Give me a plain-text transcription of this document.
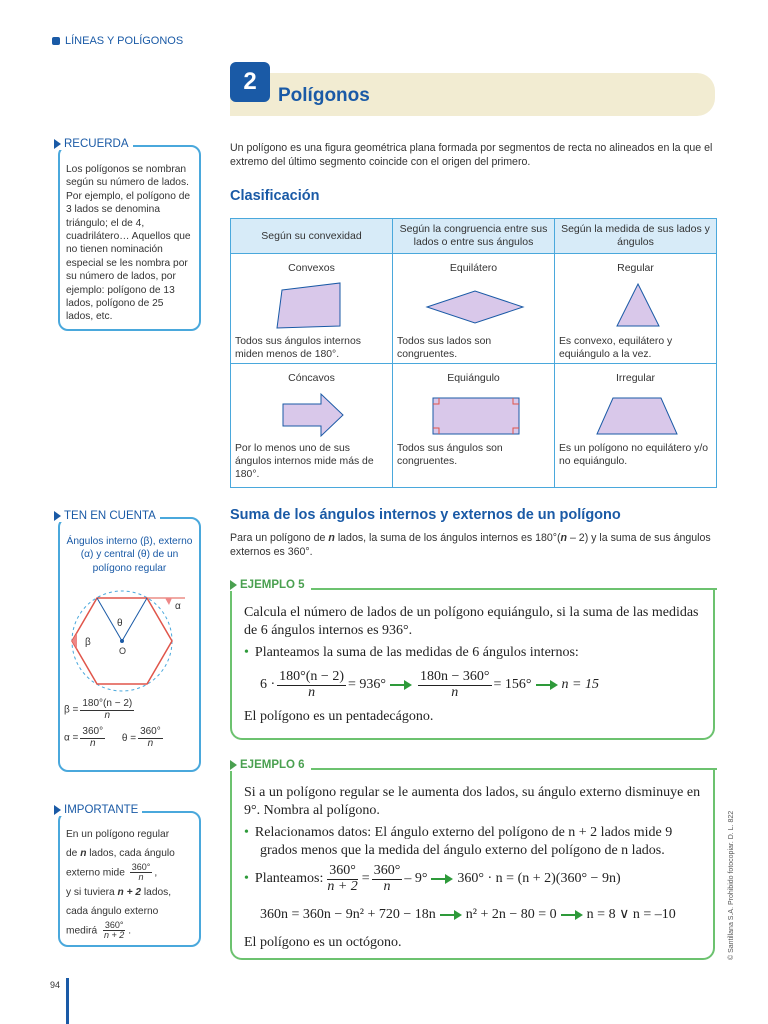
LÍNEAS Y POLÍGONOS
2
Polígonos
RECUERDA
Los polígonos se nombran según su número de lados. Por ejemplo, el polígono de 3 lados se denomina triángulo; el de 4, cuadrilátero… Aquellos que no tienen nominación especial se les nombra por su número de lados, por ejemplo: polígono de 13 lados, polígono de 25 lados, etc.
TEN EN CUENTA
Ángulos interno (β), externo (α) y central (θ) de un polígono regular
θ
α
β
O
$\beta = \frac{180^\circ(n - 2)}{n}$
$\alpha = \frac{360^\circ}{n}$ $\theta = \frac{360^\circ}{n}$
IMPORTANTE
En un polígono regular
de n lados, cada ángulo
externo mide $\frac{360^\circ}{n}$ ,
y si tuviera n + 2 lados,
cada ángulo externo
medirá $\frac{360^\circ}{n + 2}$ .
Un polígono es una figura geométrica plana formada por segmentos de recta no alineados en la que el extremo del último segmento coincide con el origen del primero.
Clasificación
Según su convexidad
Según la congruencia entre sus lados o entre sus ángulos
Según la medida de sus lados y ángulos
Convexos
Todos sus ángulos internos miden menos de 180°.
Equilátero
Todos sus lados son congruentes.
Regular
Es convexo, equilátero y equiángulo a la vez.
Cóncavos
Por lo menos uno de sus ángulos internos mide más de 180°.
Equiángulo
Todos sus ángulos son congruentes.
Irregular
Es un polígono no equilátero y/o no equiángulo.
Suma de los ángulos internos y externos de un polígono
Para un polígono de n lados, la suma de los ángulos internos es 180°(n – 2) y la suma de sus ángulos externos es 360°.
EJEMPLO 5
Calcula el número de lados de un polígono equiángulo, si la suma de las medidas de 6 ángulos internos es 936°.
• Planteamos la suma de las medidas de 6 ángulos internos:
$6 \cdot \frac{180^\circ(n - 2)}{n} = 936^\circ \frac{180n - 360^\circ}{n} = 156^\circ$ n = 15
El polígono es un pentadecágono.
EJEMPLO 6
Si a un polígono regular se le aumenta dos lados, su ángulo externo disminuye en 9°. Nombra al polígono.
• Relacionamos datos: El ángulo externo del polígono de n + 2 lados mide 9 grados menos que la medida del ángulo externo del polígono de n lados.
• Planteamos: $\frac{360^\circ}{n + 2} = \frac{360^\circ}{n} - 9^\circ$ 360° · n = (n + 2)(360° − 9n)
360n = 360n − 9n² + 720 − 18n n² + 2n − 80 = 0 n = 8 ∨ n = –10
El polígono es un octógono.	© Santillana S.A. Prohibido fotocopiar. D. L. 822
94
